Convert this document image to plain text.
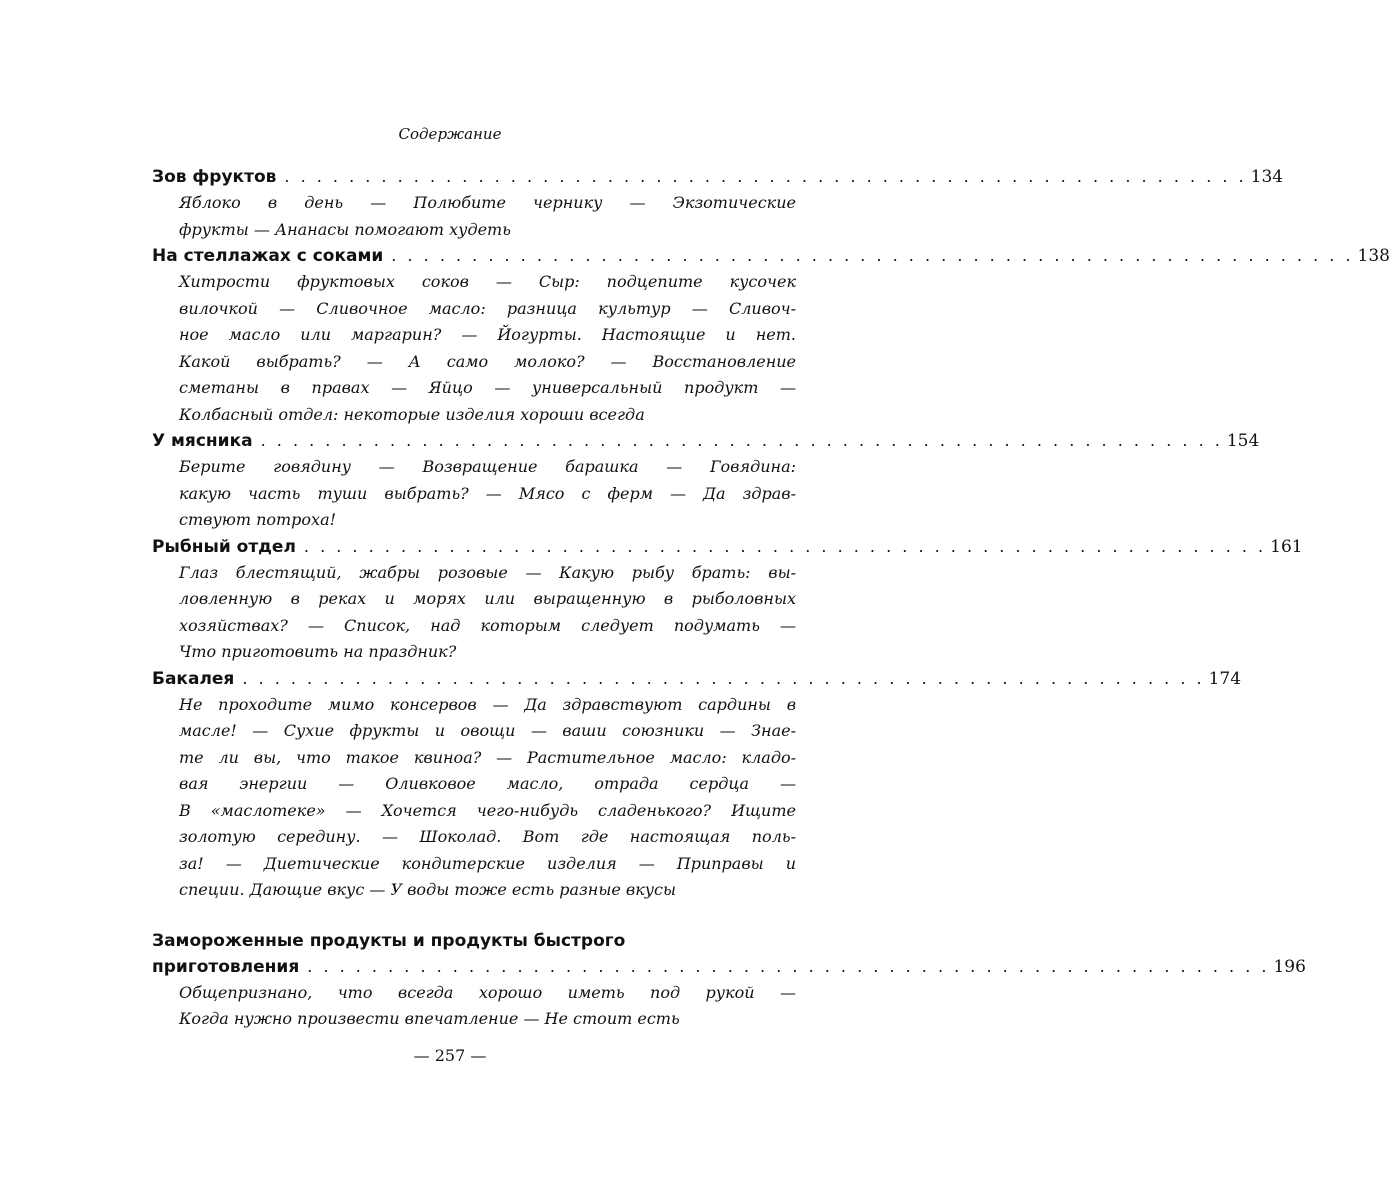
Содержание
Зов фруктов . . . . . . . . . . . . . . . . . . . . . . . . . . . . . . . . . . . . . . . . . . . . . . . . . . . . . . . . . . . . 134
Яблоко в день — Полюбите чернику — Экзотические
фрукты — Ананасы помогают худеть
На стеллажах с соками . . . . . . . . . . . . . . . . . . . . . . . . . . . . . . . . . . . . . . . . . . . . . . . . . . . . . . . . . . . . 138
Хитрости фруктовых соков — Сыр: подцепите кусочек
вилочкой — Сливочное масло: разница культур — Сливоч-
ное масло или маргарин? — Йогурты. Настоящие и нет.
Какой выбрать? — А само молоко? — Восстановление
сметаны в правах — Яйцо — универсальный продукт —
Колбасный отдел: некоторые изделия хороши всегда
У мясника . . . . . . . . . . . . . . . . . . . . . . . . . . . . . . . . . . . . . . . . . . . . . . . . . . . . . . . . . . . . 154
Берите говядину — Возвращение барашка — Говядина:
какую часть туши выбрать? — Мясо с ферм — Да здрав-
ствуют потроха!
Рыбный отдел . . . . . . . . . . . . . . . . . . . . . . . . . . . . . . . . . . . . . . . . . . . . . . . . . . . . . . . . . . . . 161
Глаз блестящий, жабры розовые — Какую рыбу брать: вы-
ловленную в реках и морях или выращенную в рыболовных
хозяйствах? — Список, над которым следует подумать —
Что приготовить на праздник?
Бакалея . . . . . . . . . . . . . . . . . . . . . . . . . . . . . . . . . . . . . . . . . . . . . . . . . . . . . . . . . . . . 174
Не проходите мимо консервов — Да здравствуют сардины в
масле! — Сухие фрукты и овощи — ваши союзники — Знае-
те ли вы, что такое квиноа? — Растительное масло: кладо-
вая энергии — Оливковое масло, отрада сердца —
В «маслотеке» — Хочется чего-нибудь сладенького? Ищите
золотую середину. — Шоколад. Вот где настоящая поль-
за! — Диетические кондитерские изделия — Приправы и
специи. Дающие вкус — У воды тоже есть разные вкусы
Замороженные продукты и продукты быстрого
приготовления . . . . . . . . . . . . . . . . . . . . . . . . . . . . . . . . . . . . . . . . . . . . . . . . . . . . . . . . . . . . 196
Общепризнано, что всегда хорошо иметь под рукой —
Когда нужно произвести впечатление — Не стоит есть
— 257 —
